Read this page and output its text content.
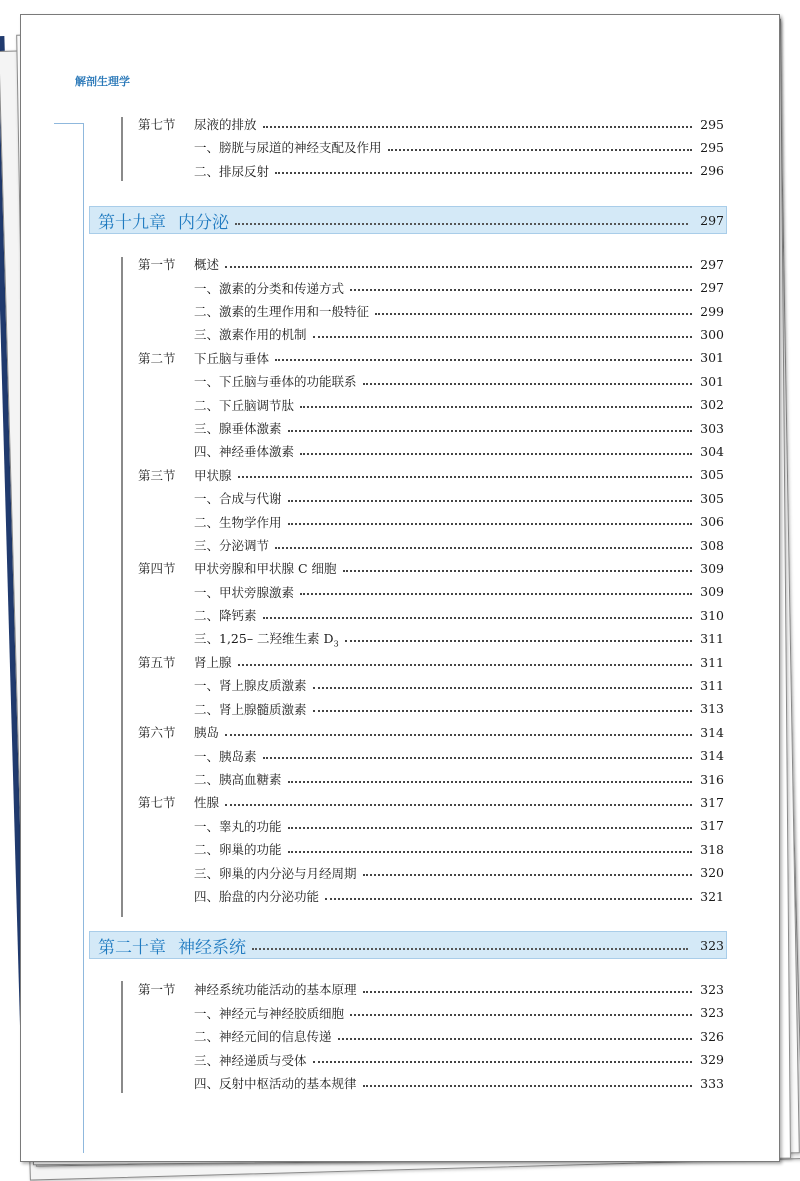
解剖生理学
第七节	尿液的排放	295
一、膀胱与尿道的神经支配及作用	295
二、排尿反射	296
第十九章 内分泌	297
第一节	概述	297
一、激素的分类和传递方式	297
二、激素的生理作用和一般特征	299
三、激素作用的机制	300
第二节	下丘脑与垂体	301
一、下丘脑与垂体的功能联系	301
二、下丘脑调节肽	302
三、腺垂体激素	303
四、神经垂体激素	304
第三节	甲状腺	305
一、合成与代谢	305
二、生物学作用	306
三、分泌调节	308
第四节	甲状旁腺和甲状腺 C 细胞	309
一、甲状旁腺激素	309
二、降钙素	310
三、1,25– 二羟维生素 $D_3$	311
第五节	肾上腺	311
一、肾上腺皮质激素	311
二、肾上腺髓质激素	313
第六节	胰岛	314
一、胰岛素	314
二、胰高血糖素	316
第七节	性腺	317
一、睾丸的功能	317
二、卵巢的功能	318
三、卵巢的内分泌与月经周期	320
四、胎盘的内分泌功能	321
第二十章 神经系统	323
第一节	神经系统功能活动的基本原理	323
一、神经元与神经胶质细胞	323
二、神经元间的信息传递	326
三、神经递质与受体	329
四、反射中枢活动的基本规律	333
